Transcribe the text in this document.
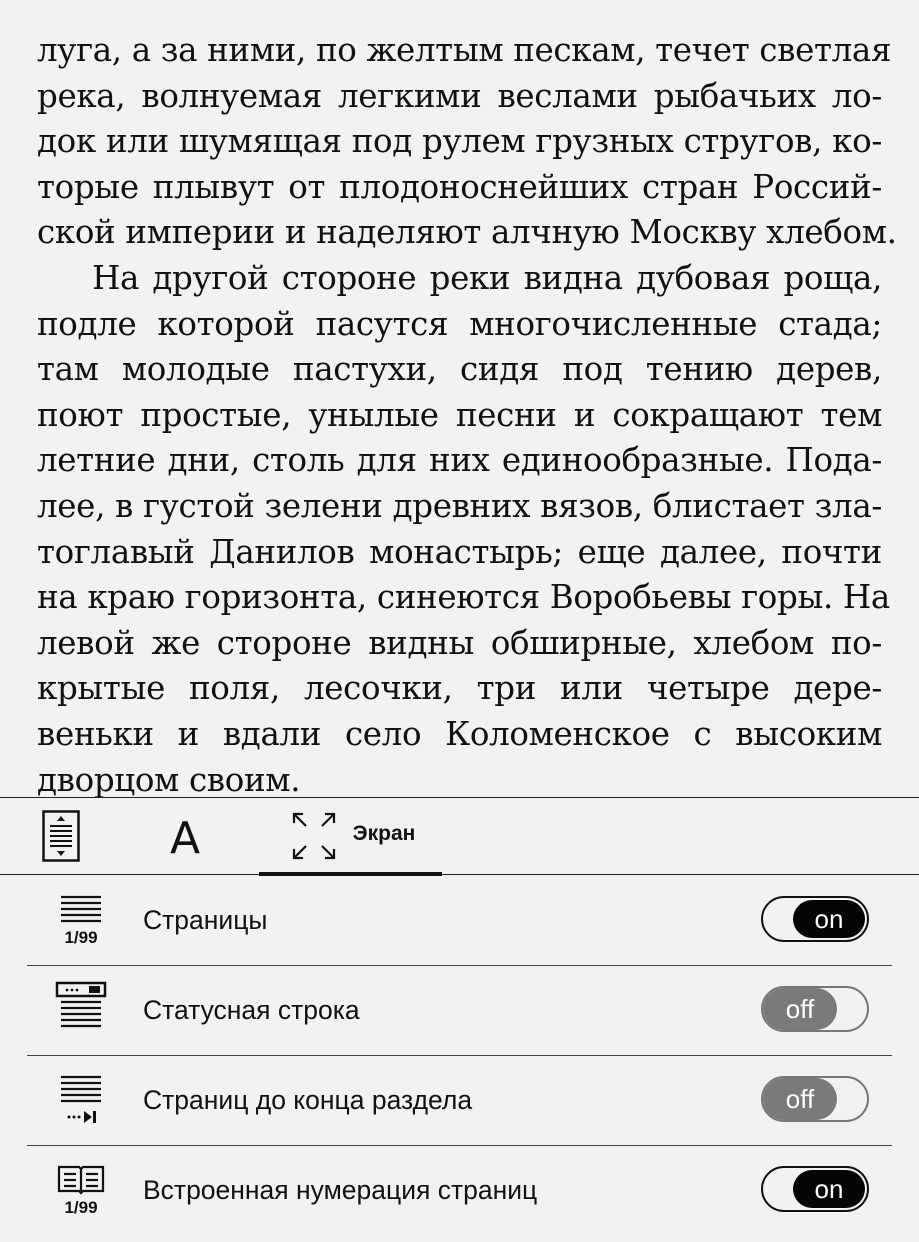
луга, а за ними, по желтым пескам, течет светлая
река, волнуемая легкими веслами рыбачьих ло-
док или шумящая под рулем грузных стругов, ко-
торые плывут от плодоноснейших стран Россий-
ской империи и наделяют алчную Москву хлебом.
На другой стороне реки видна дубовая роща,
подле которой пасутся многочисленные стада;
там молодые пастухи, сидя под тению дерев,
поют простые, унылые песни и сокращают тем
летние дни, столь для них единообразные. Пода-
лее, в густой зелени древних вязов, блистает зла-
тоглавый Данилов монастырь; еще далее, почти
на краю горизонта, синеются Воробьевы горы. На
левой же стороне видны обширные, хлебом по-
крытые поля, лесочки, три или четыре дере-
веньки и вдали село Коломенское с высоким
дворцом своим.
A	Экран
1/99
Страницы	on
Статусная строка	off
Страниц до конца раздела	off
1/99
Встроенная нумерация страниц	on
